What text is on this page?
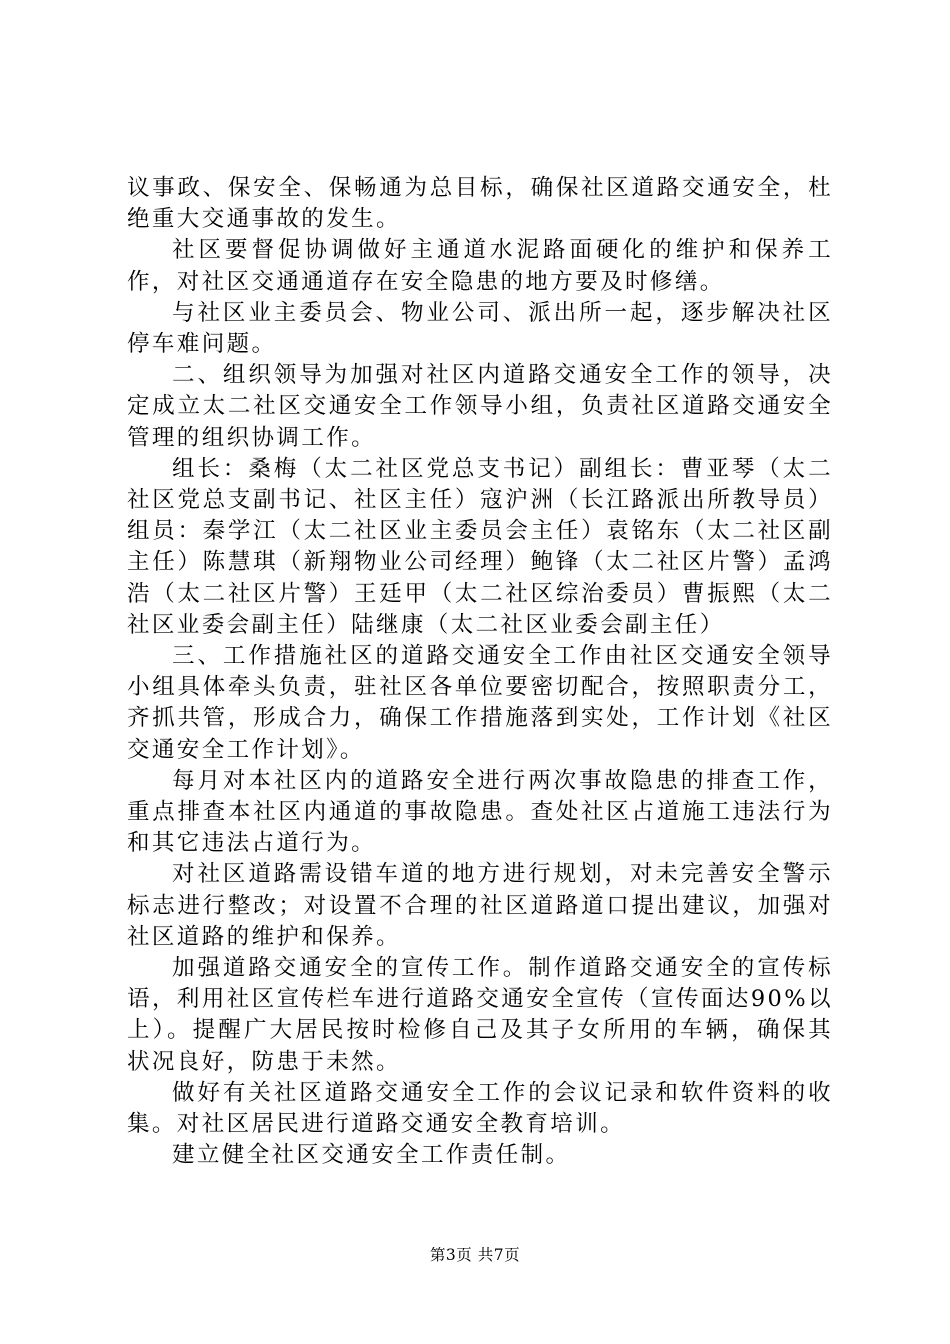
议事政、保安全、保畅通为总目标，确保社区道路交通安全，杜绝重大交通事故的发生。

社区要督促协调做好主通道水泥路面硬化的维护和保养工作，对社区交通通道存在安全隐患的地方要及时修缮。

与社区业主委员会、物业公司、派出所一起，逐步解决社区停车难问题。

二、组织领导为加强对社区内道路交通安全工作的领导，决定成立太二社区交通安全工作领导小组，负责社区道路交通安全管理的组织协调工作。

组长：桑梅（太二社区党总支书记）副组长：曹亚琴（太二社区党总支副书记、社区主任）寇沪洲（长江路派出所教导员）组员：秦学江（太二社区业主委员会主任）袁铭东（太二社区副主任）陈慧琪（新翔物业公司经理）鲍锋（太二社区片警）孟鸿浩（太二社区片警）王廷甲（太二社区综治委员）曹振熙（太二社区业委会副主任）陆继康（太二社区业委会副主任）

三、工作措施社区的道路交通安全工作由社区交通安全领导小组具体牵头负责，驻社区各单位要密切配合，按照职责分工，齐抓共管，形成合力，确保工作措施落到实处，工作计划《社区交通安全工作计划》。

每月对本社区内的道路安全进行两次事故隐患的排查工作，重点排查本社区内通道的事故隐患。查处社区占道施工违法行为和其它违法占道行为。

对社区道路需设错车道的地方进行规划，对未完善安全警示标志进行整改；对设置不合理的社区道路道口提出建议，加强对社区道路的维护和保养。

加强道路交通安全的宣传工作。制作道路交通安全的宣传标语，利用社区宣传栏车进行道路交通安全宣传（宣传面达90%以上）。提醒广大居民按时检修自己及其子女所用的车辆，确保其状况良好，防患于未然。

做好有关社区道路交通安全工作的会议记录和软件资料的收集。对社区居民进行道路交通安全教育培训。

建立健全社区交通安全工作责任制。

第3页 共7页
